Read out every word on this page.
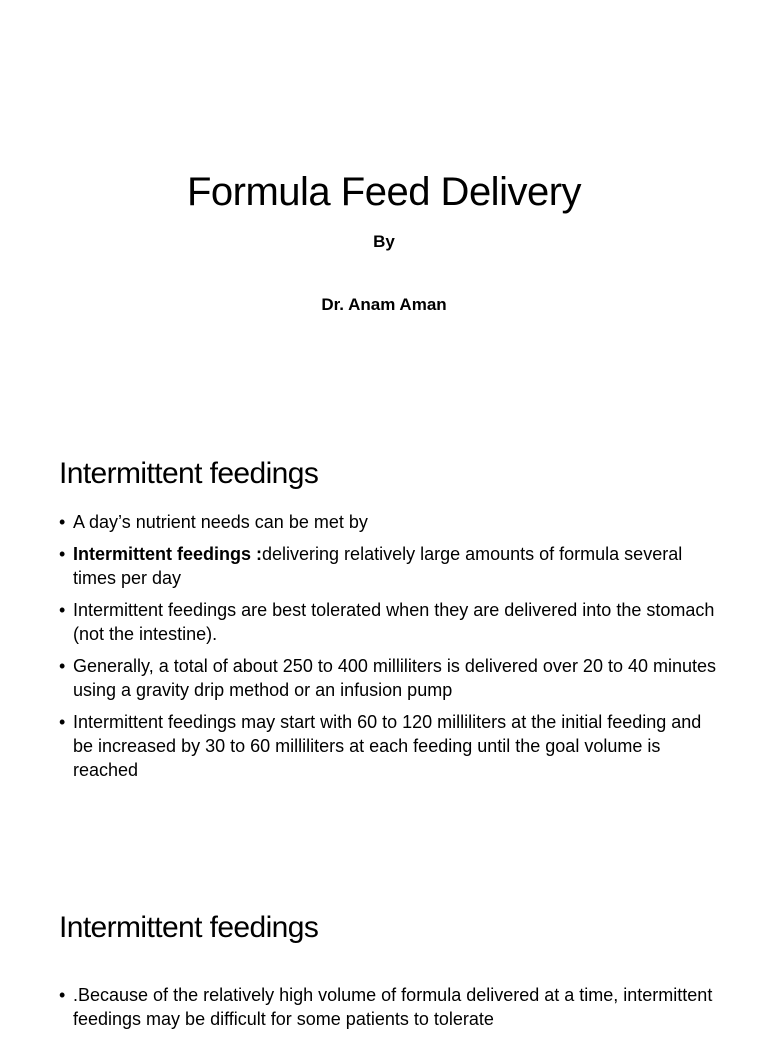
Formula Feed Delivery
By
Dr. Anam Aman
Intermittent feedings
• A day’s nutrient needs can be met by
• Intermittent feedings :delivering relatively large amounts of formula several times per day
• Intermittent feedings are best tolerated when they are delivered into the stomach (not the intestine).
• Generally, a total of about 250 to 400 milliliters is delivered over 20 to 40 minutes using a gravity drip method or an infusion pump
• Intermittent feedings may start with 60 to 120 milliliters at the initial feeding and be increased by 30 to 60 milliliters at each feeding until the goal volume is reached
Intermittent feedings
• .Because of the relatively high volume of formula delivered at a time, intermittent feedings may be difficult for some patients to tolerate
